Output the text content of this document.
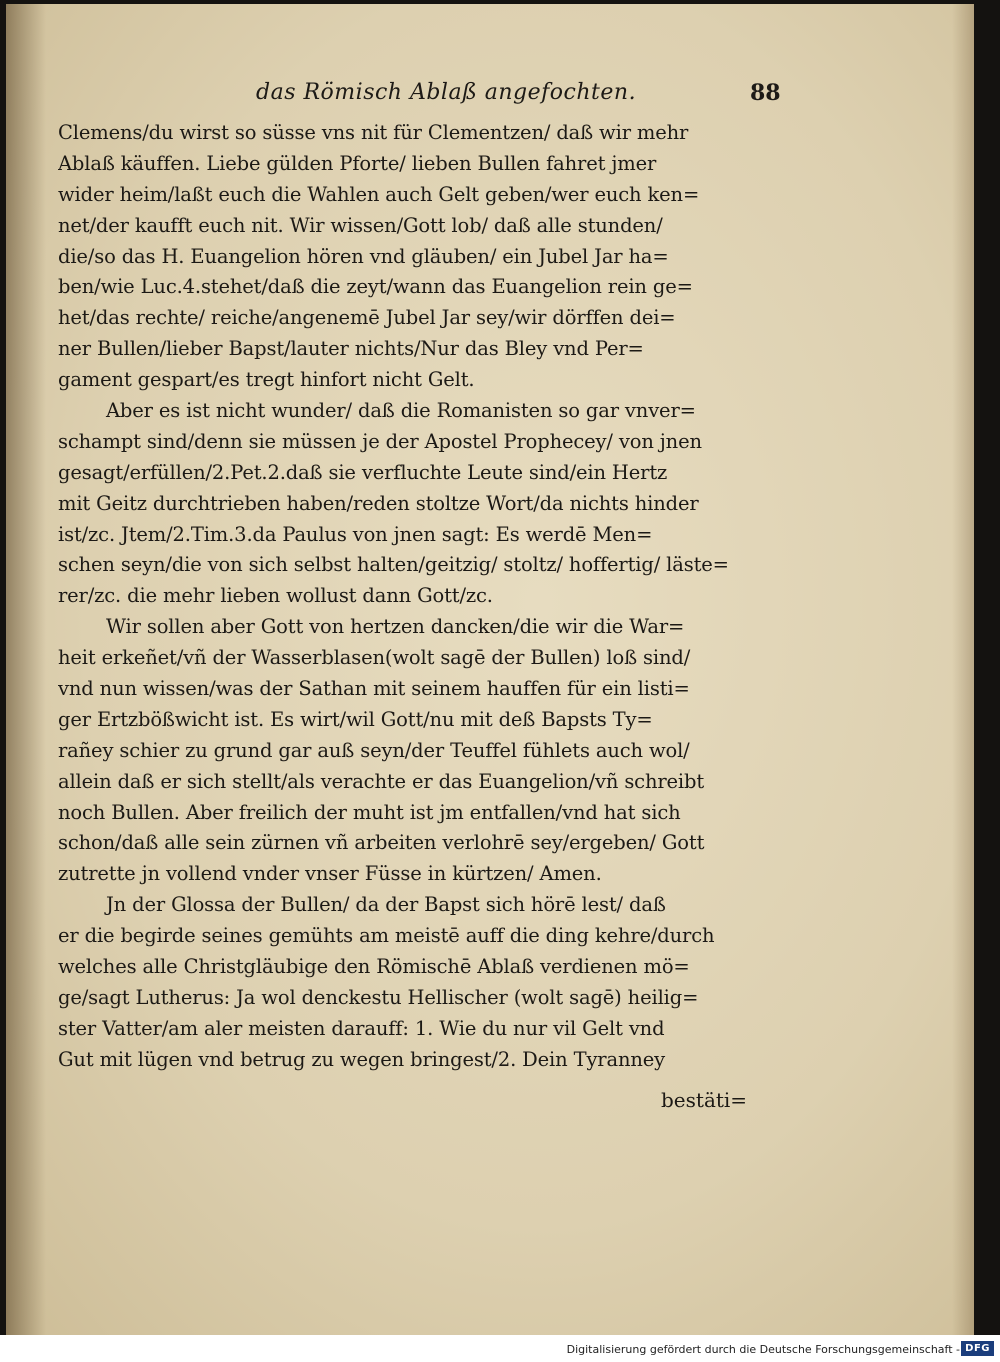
das Römisch Ablaß angefochten.	88
Clemens/du wirst so süsse vns nit für Clementzen/ daß wir mehr
Ablaß käuffen. Liebe gülden Pforte/ lieben Bullen fahret jmer
wider heim/laßt euch die Wahlen auch Gelt geben/wer euch ken=
net/der kaufft euch nit. Wir wissen/Gott lob/ daß alle stunden/
die/so das H. Euangelion hören vnd gläuben/ ein Jubel Jar ha=
ben/wie Luc.4.stehet/daß die zeyt/wann das Euangelion rein ge=
het/das rechte/ reiche/angenemē Jubel Jar sey/wir dörffen dei=
ner Bullen/lieber Bapst/lauter nichts/Nur das Bley vnd Per=
gament gespart/es tregt hinfort nicht Gelt.
Aber es ist nicht wunder/ daß die Romanisten so gar vnver=
schampt sind/denn sie müssen je der Apostel Prophecey/ von jnen
gesagt/erfüllen/2.Pet.2.daß sie verfluchte Leute sind/ein Hertz
mit Geitz durchtrieben haben/reden stoltze Wort/da nichts hinder
ist/zc. Jtem/2.Tim.3.da Paulus von jnen sagt: Es werdē Men=
schen seyn/die von sich selbst halten/geitzig/ stoltz/ hoffertig/ läste=
rer/zc. die mehr lieben wollust dann Gott/zc.
Wir sollen aber Gott von hertzen dancken/die wir die War=
heit erkeñet/vñ der Wasserblasen(wolt sagē der Bullen) loß sind/
vnd nun wissen/was der Sathan mit seinem hauffen für ein listi=
ger Ertzbößwicht ist. Es wirt/wil Gott/nu mit deß Bapsts Ty=
rañey schier zu grund gar auß seyn/der Teuffel fühlets auch wol/
allein daß er sich stellt/als verachte er das Euangelion/vñ schreibt
noch Bullen. Aber freilich der muht ist jm entfallen/vnd hat sich
schon/daß alle sein zürnen vñ arbeiten verlohrē sey/ergeben/ Gott
zutrette jn vollend vnder vnser Füsse in kürtzen/ Amen.
Jn der Glossa der Bullen/ da der Bapst sich hörē lest/ daß
er die begirde seines gemühts am meistē auff die ding kehre/durch
welches alle Christgläubige den Römischē Ablaß verdienen mö=
ge/sagt Lutherus: Ja wol denckestu Hellischer (wolt sagē) heilig=
ster Vatter/am aler meisten darauff: 1. Wie du nur vil Gelt vnd
Gut mit lügen vnd betrug zu wegen bringest/2. Dein Tyranney
bestäti=
Digitalisierung gefördert durch die Deutsche Forschungsgemeinschaft - DFG
